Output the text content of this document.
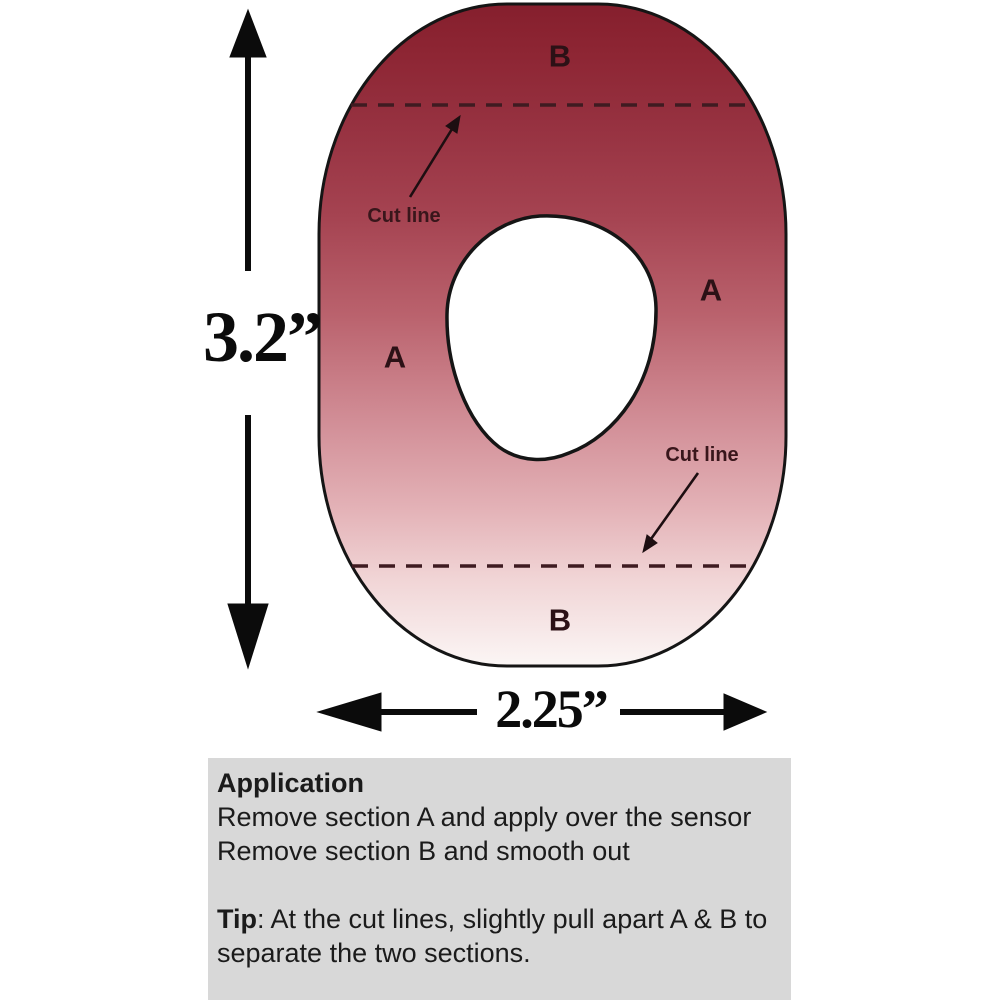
B
A
A
B
Cut line
Cut line
3.2”
2.25”
Application
Remove section A and apply over the sensor
Remove section B and smooth out
Tip: At the cut lines, slightly pull apart A & B to
separate the two sections.
